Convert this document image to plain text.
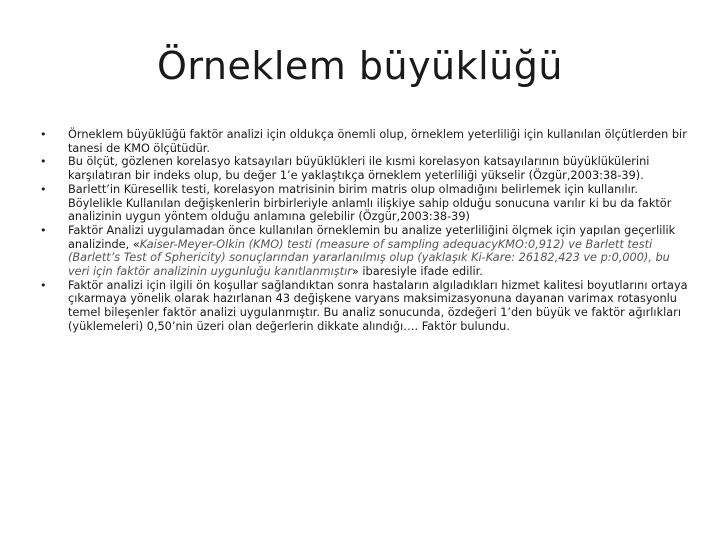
Örneklem büyüklüğü
• Örneklem büyüklüğü faktör analizi için oldukça önemli olup, örneklem yeterliliği için kullanılan ölçütlerden bir tanesi de KMO ölçütüdür.
• Bu ölçüt, gözlenen korelasyo katsayıları büyüklükleri ile kısmi korelasyon katsayılarının büyüklükülerini karşılatıran bir indeks olup, bu değer 1’e yaklaştıkça örneklem yeterliliği yükselir (Özgür,2003:38-39).
• Barlett’in Küresellik testi, korelasyon matrisinin birim matris olup olmadığını belirlemek için kullanılır. Böylelikle Kullanılan değişkenlerin birbirleriyle anlamlı ilişkiye sahip olduğu sonucuna varılır ki bu da faktör analizinin uygun yöntem olduğu anlamına gelebilir (Özgür,2003:38-39)
• Faktör Analizi uygulamadan önce kullanılan örneklemin bu analize yeterliliğini ölçmek için yapılan geçerlilik analizinde, «Kaiser-Meyer-Olkin (KMO) testi (measure of sampling adequacyKMO:0,912) ve Barlett testi (Barlett’s Test of Sphericity) sonuçlarından yararlanılmış olup (yaklaşık Ki-Kare: 26182,423 ve p:0,000), bu veri için faktör analizinin uygunluğu kanıtlanmıştır» ibaresiyle ifade edilir.
• Faktör analizi için ilgili ön koşullar sağlandıktan sonra hastaların algıladıkları hizmet kalitesi boyutlarını ortaya çıkarmaya yönelik olarak hazırlanan 43 değişkene varyans maksimizasyonuna dayanan varimax rotasyonlu temel bileşenler faktör analizi uygulanmıştır. Bu analiz sonucunda, özdeğeri 1’den büyük ve faktör ağırlıkları (yüklemeleri) 0,50’nin üzeri olan değerlerin dikkate alındığı…. Faktör bulundu.
